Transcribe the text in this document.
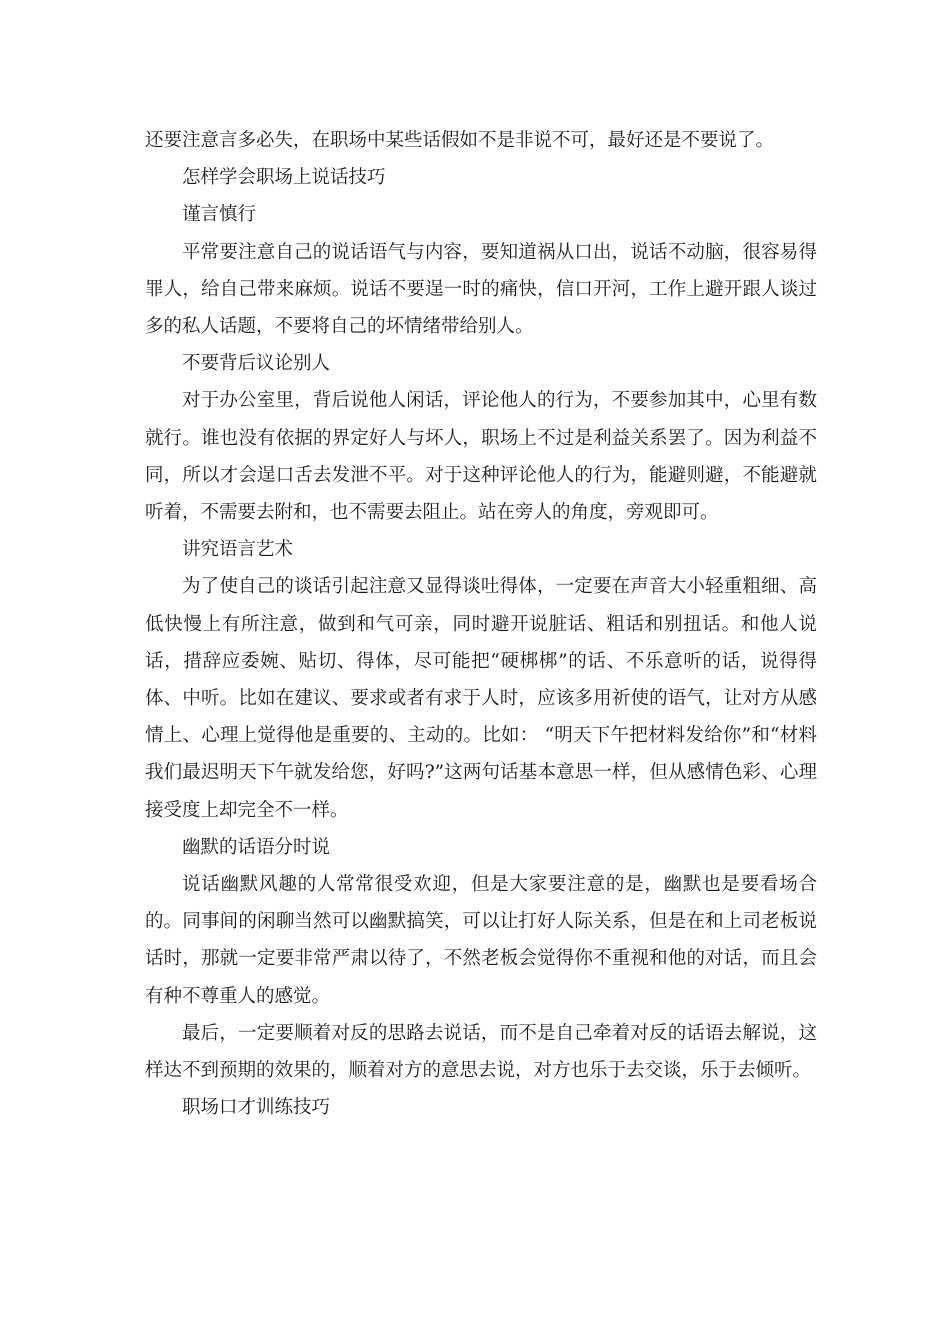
还要注意言多必失，在职场中某些话假如不是非说不可，最好还是不要说了。

怎样学会职场上说话技巧

谨言慎行

平常要注意自己的说话语气与内容，要知道祸从口出，说话不动脑，很容易得罪人，给自己带来麻烦。说话不要逞一时的痛快，信口开河，工作上避开跟人谈过多的私人话题，不要将自己的坏情绪带给别人。

不要背后议论别人

对于办公室里，背后说他人闲话，评论他人的行为，不要参加其中，心里有数就行。谁也没有依据的界定好人与坏人，职场上不过是利益关系罢了。因为利益不同，所以才会逞口舌去发泄不平。对于这种评论他人的行为，能避则避，不能避就听着，不需要去附和，也不需要去阻止。站在旁人的角度，旁观即可。

讲究语言艺术

为了使自己的谈话引起注意又显得谈吐得体，一定要在声音大小轻重粗细、高低快慢上有所注意，做到和气可亲，同时避开说脏话、粗话和别扭话。和他人说话，措辞应委婉、贴切、得体，尽可能把“硬梆梆”的话、不乐意听的话，说得得体、中听。比如在建议、要求或者有求于人时，应该多用祈使的语气，让对方从感情上、心理上觉得他是重要的、主动的。比如： “明天下午把材料发给你”和“材料我们最迟明天下午就发给您，好吗?”这两句话基本意思一样，但从感情色彩、心理接受度上却完全不一样。

幽默的话语分时说

说话幽默风趣的人常常很受欢迎，但是大家要注意的是，幽默也是要看场合的。同事间的闲聊当然可以幽默搞笑，可以让打好人际关系，但是在和上司老板说话时，那就一定要非常严肃以待了，不然老板会觉得你不重视和他的对话，而且会有种不尊重人的感觉。

最后，一定要顺着对反的思路去说话，而不是自己牵着对反的话语去解说，这样达不到预期的效果的，顺着对方的意思去说，对方也乐于去交谈，乐于去倾听。

职场口才训练技巧
